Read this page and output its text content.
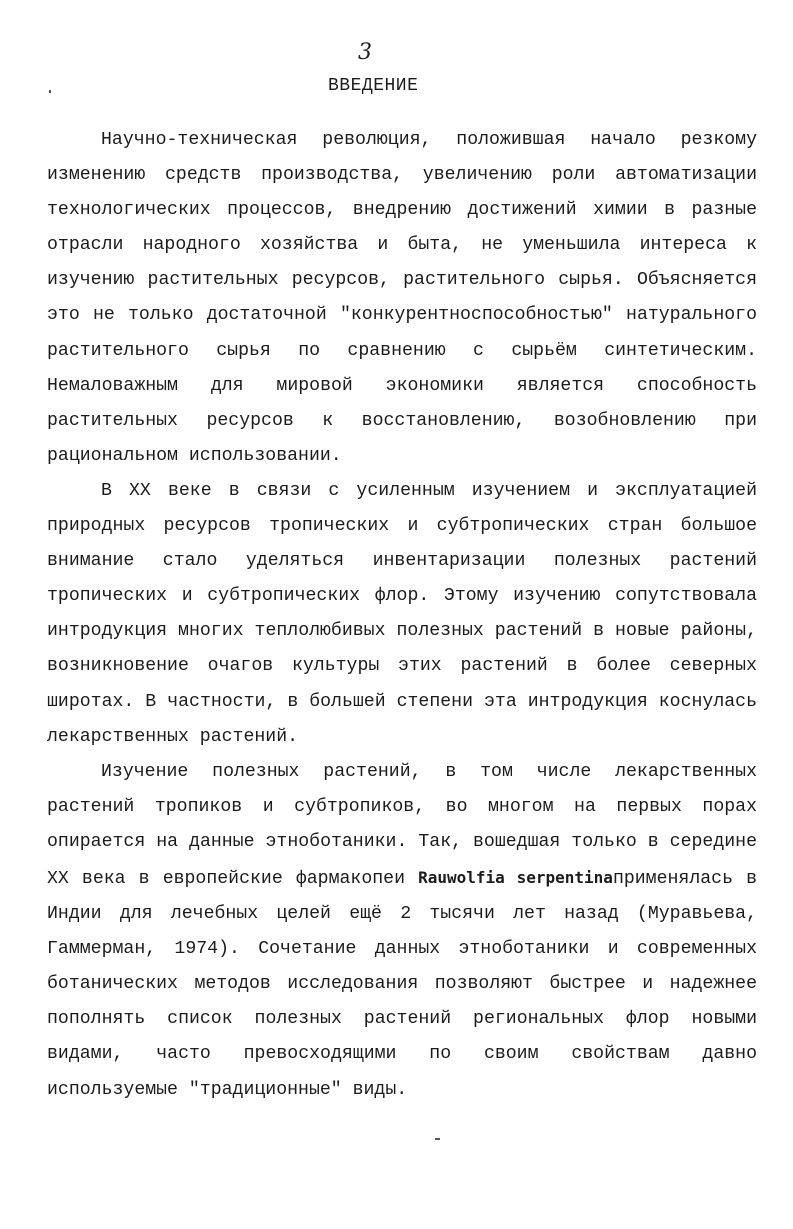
3
ВВЕДЕНИЕ

Научно-техническая революция, положившая начало резкому изменению средств производства, увеличению роли автоматизации технологических процессов, внедрению достижений химии в разные отрасли народного хозяйства и быта, не уменьшила интереса к изучению растительных ресурсов, растительного сырья. Объясняется это не только достаточной "конкурентноспособностью" натурального растительного сырья по сравнению с сырьём синтетическим. Немаловажным для мировой экономики является способность растительных ресурсов к восстановлению, возобновлению при рациональном использовании.

В XX веке в связи с усиленным изучением и эксплуатацией природных ресурсов тропических и субтропических стран большое внимание стало уделяться инвентаризации полезных растений тропических и субтропических флор. Этому изучению сопутствовала интродукция многих теплолюбивых полезных растений в новые районы, возникновение очагов культуры этих растений в более северных широтах. В частности, в большей степени эта интродукция коснулась лекарственных растений.

Изучение полезных растений, в том числе лекарственных растений тропиков и субтропиков, во многом на первых порах опирается на данные этноботаники. Так, вошедшая только в середине XX века в европейские фармакопеи Rauwolfia serpentinaприменялась в Индии для лечебных целей ещё 2 тысячи лет назад (Муравьева, Гаммерман, 1974). Сочетание данных этноботаники и современных ботанических методов исследования позволяют быстрее и надежнее пополнять список полезных растений региональных флор новыми видами, часто превосходящими по своим свойствам давно используемые "традиционные" виды.
